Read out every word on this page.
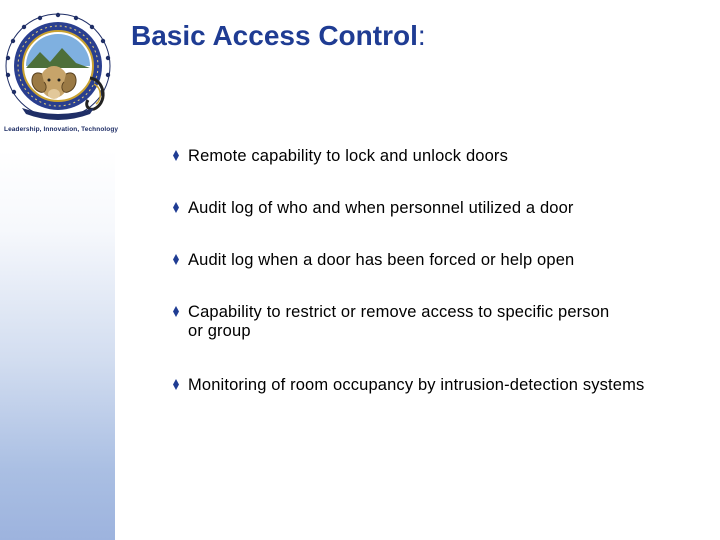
Leadership, Innovation, Technology
Basic Access Control:
Remote capability to lock and unlock doors
Audit log of who and when personnel utilized a door
Audit log when a door has been forced or help open
Capability to restrict or remove access to specific person or group
Monitoring of room occupancy by intrusion-detection systems
